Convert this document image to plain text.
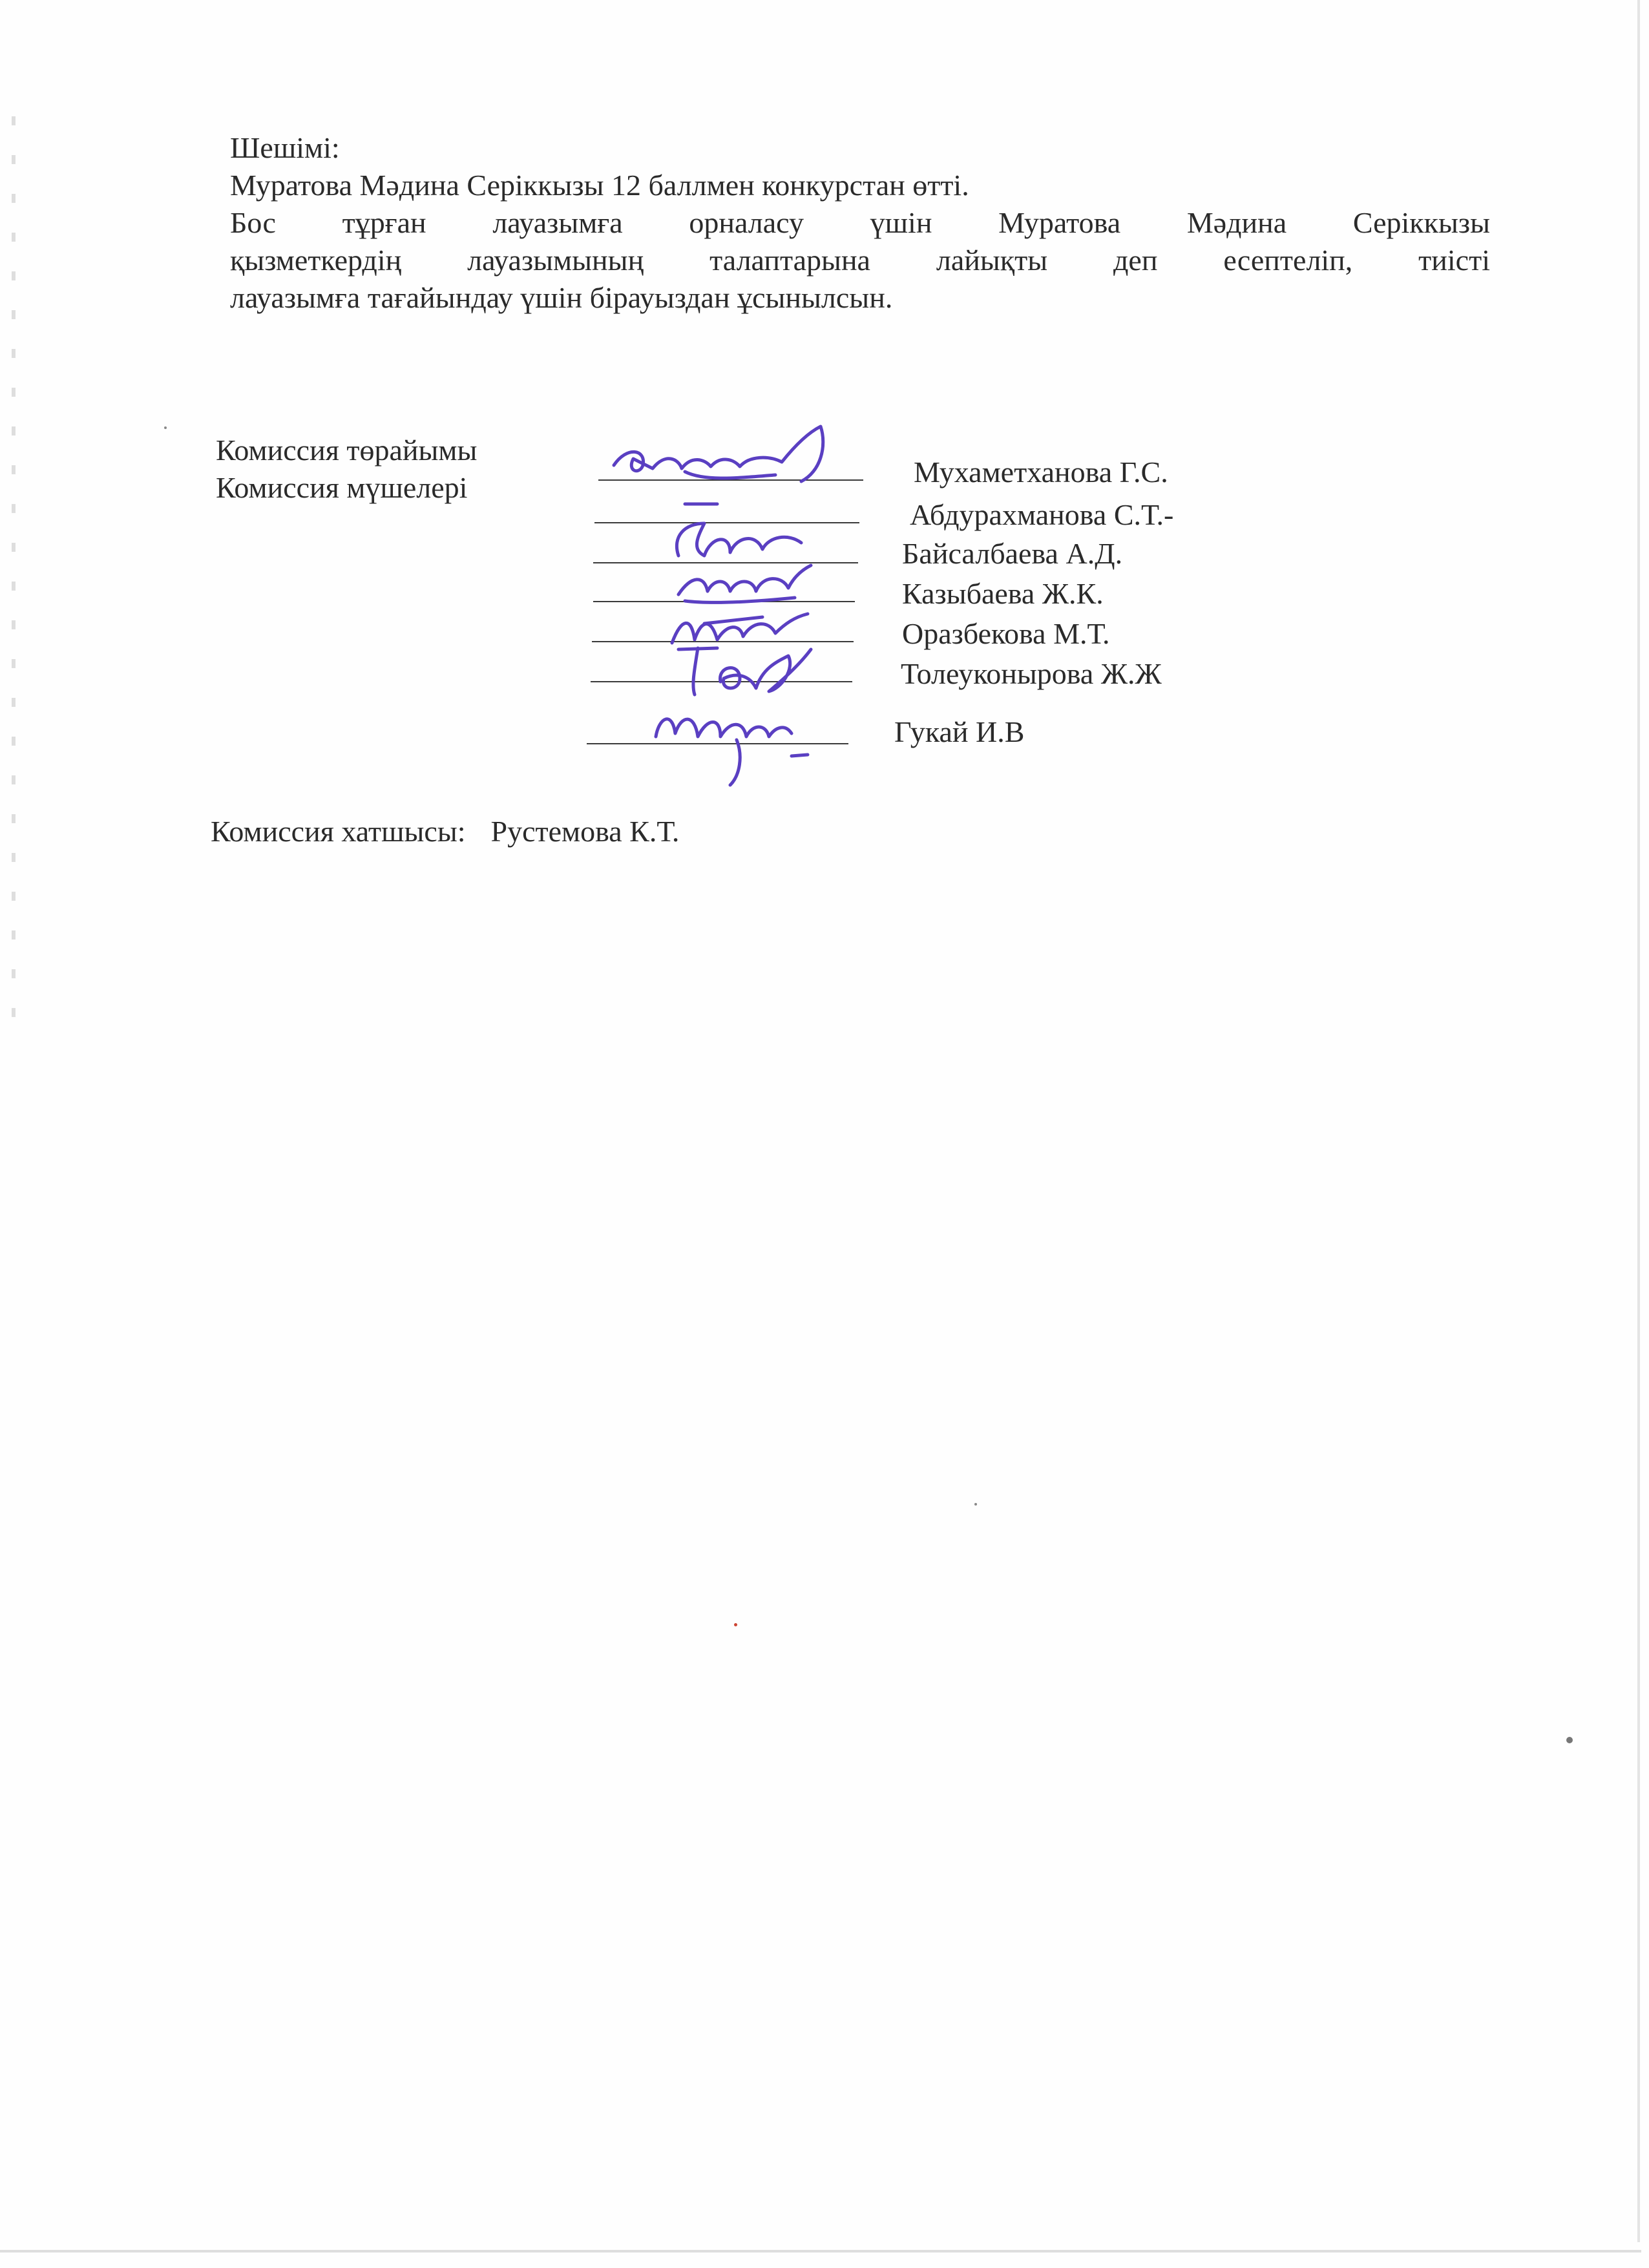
Шешімі:
Муратова Мәдина Серіккызы 12 баллмен конкурстан өтті.
Бос тұрған лауазымға орналасу үшін Муратова Мәдина Серіккызы
қызметкердің лауазымының талаптарына лайықты деп есептеліп, тиісті
лауазымға тағайындау үшін бірауыздан ұсынылсын.
Комиссия төрайымы
Комиссия мүшелері	Мухаметханова Г.С.
Абдурахманова С.Т.-
Байсалбаева А.Д.
Казыбаева Ж.К.
Оразбекова М.Т.
Толеуконырова Ж.Ж
Гукай И.В
Комиссия хатшысы: Рустемова К.Т.
